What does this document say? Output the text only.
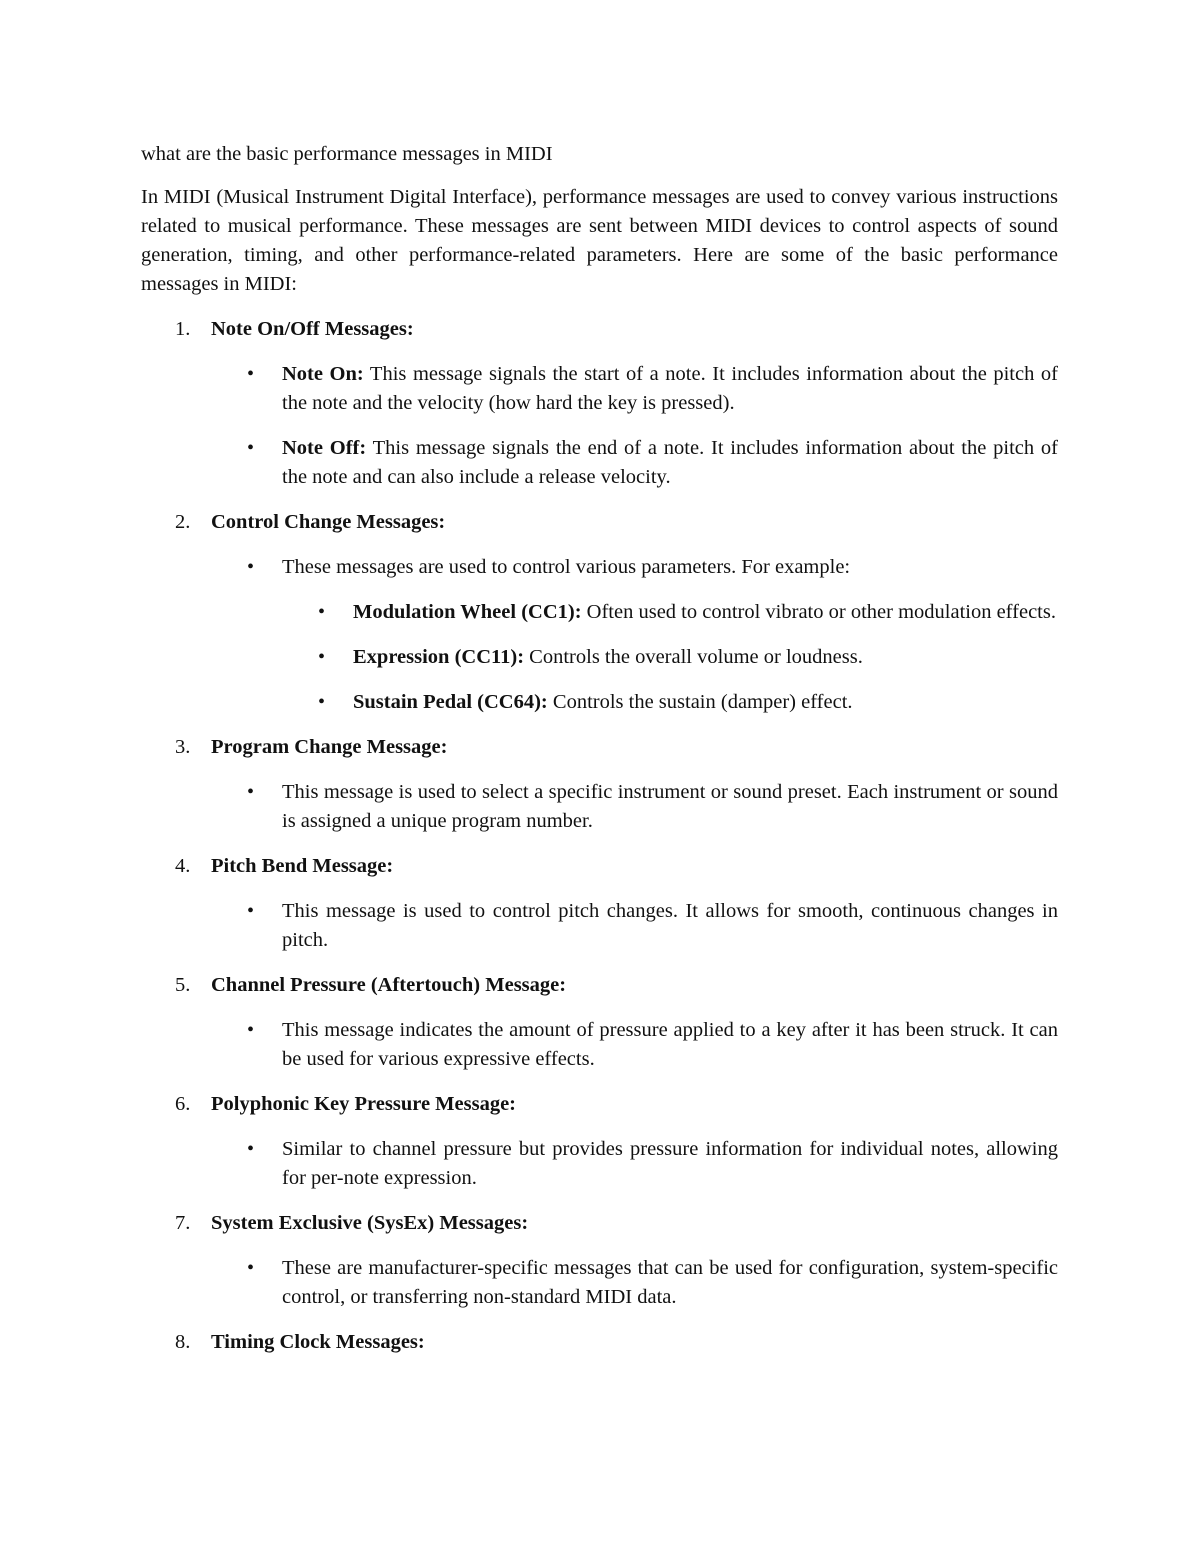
what are the basic performance messages in MIDI

In MIDI (Musical Instrument Digital Interface), performance messages are used to convey various instructions related to musical performance. These messages are sent between MIDI devices to control aspects of sound generation, timing, and other performance-related parameters. Here are some of the basic performance messages in MIDI:

1. Note On/Off Messages:
• Note On: This message signals the start of a note. It includes information about the pitch of the note and the velocity (how hard the key is pressed).
• Note Off: This message signals the end of a note. It includes information about the pitch of the note and can also include a release velocity.
2. Control Change Messages:
• These messages are used to control various parameters. For example:
• Modulation Wheel (CC1): Often used to control vibrato or other modulation effects.
• Expression (CC11): Controls the overall volume or loudness.
• Sustain Pedal (CC64): Controls the sustain (damper) effect.
3. Program Change Message:
• This message is used to select a specific instrument or sound preset. Each instrument or sound is assigned a unique program number.
4. Pitch Bend Message:
• This message is used to control pitch changes. It allows for smooth, continuous changes in pitch.
5. Channel Pressure (Aftertouch) Message:
• This message indicates the amount of pressure applied to a key after it has been struck. It can be used for various expressive effects.
6. Polyphonic Key Pressure Message:
• Similar to channel pressure but provides pressure information for individual notes, allowing for per-note expression.
7. System Exclusive (SysEx) Messages:
• These are manufacturer-specific messages that can be used for configuration, system-specific control, or transferring non-standard MIDI data.
8. Timing Clock Messages:
